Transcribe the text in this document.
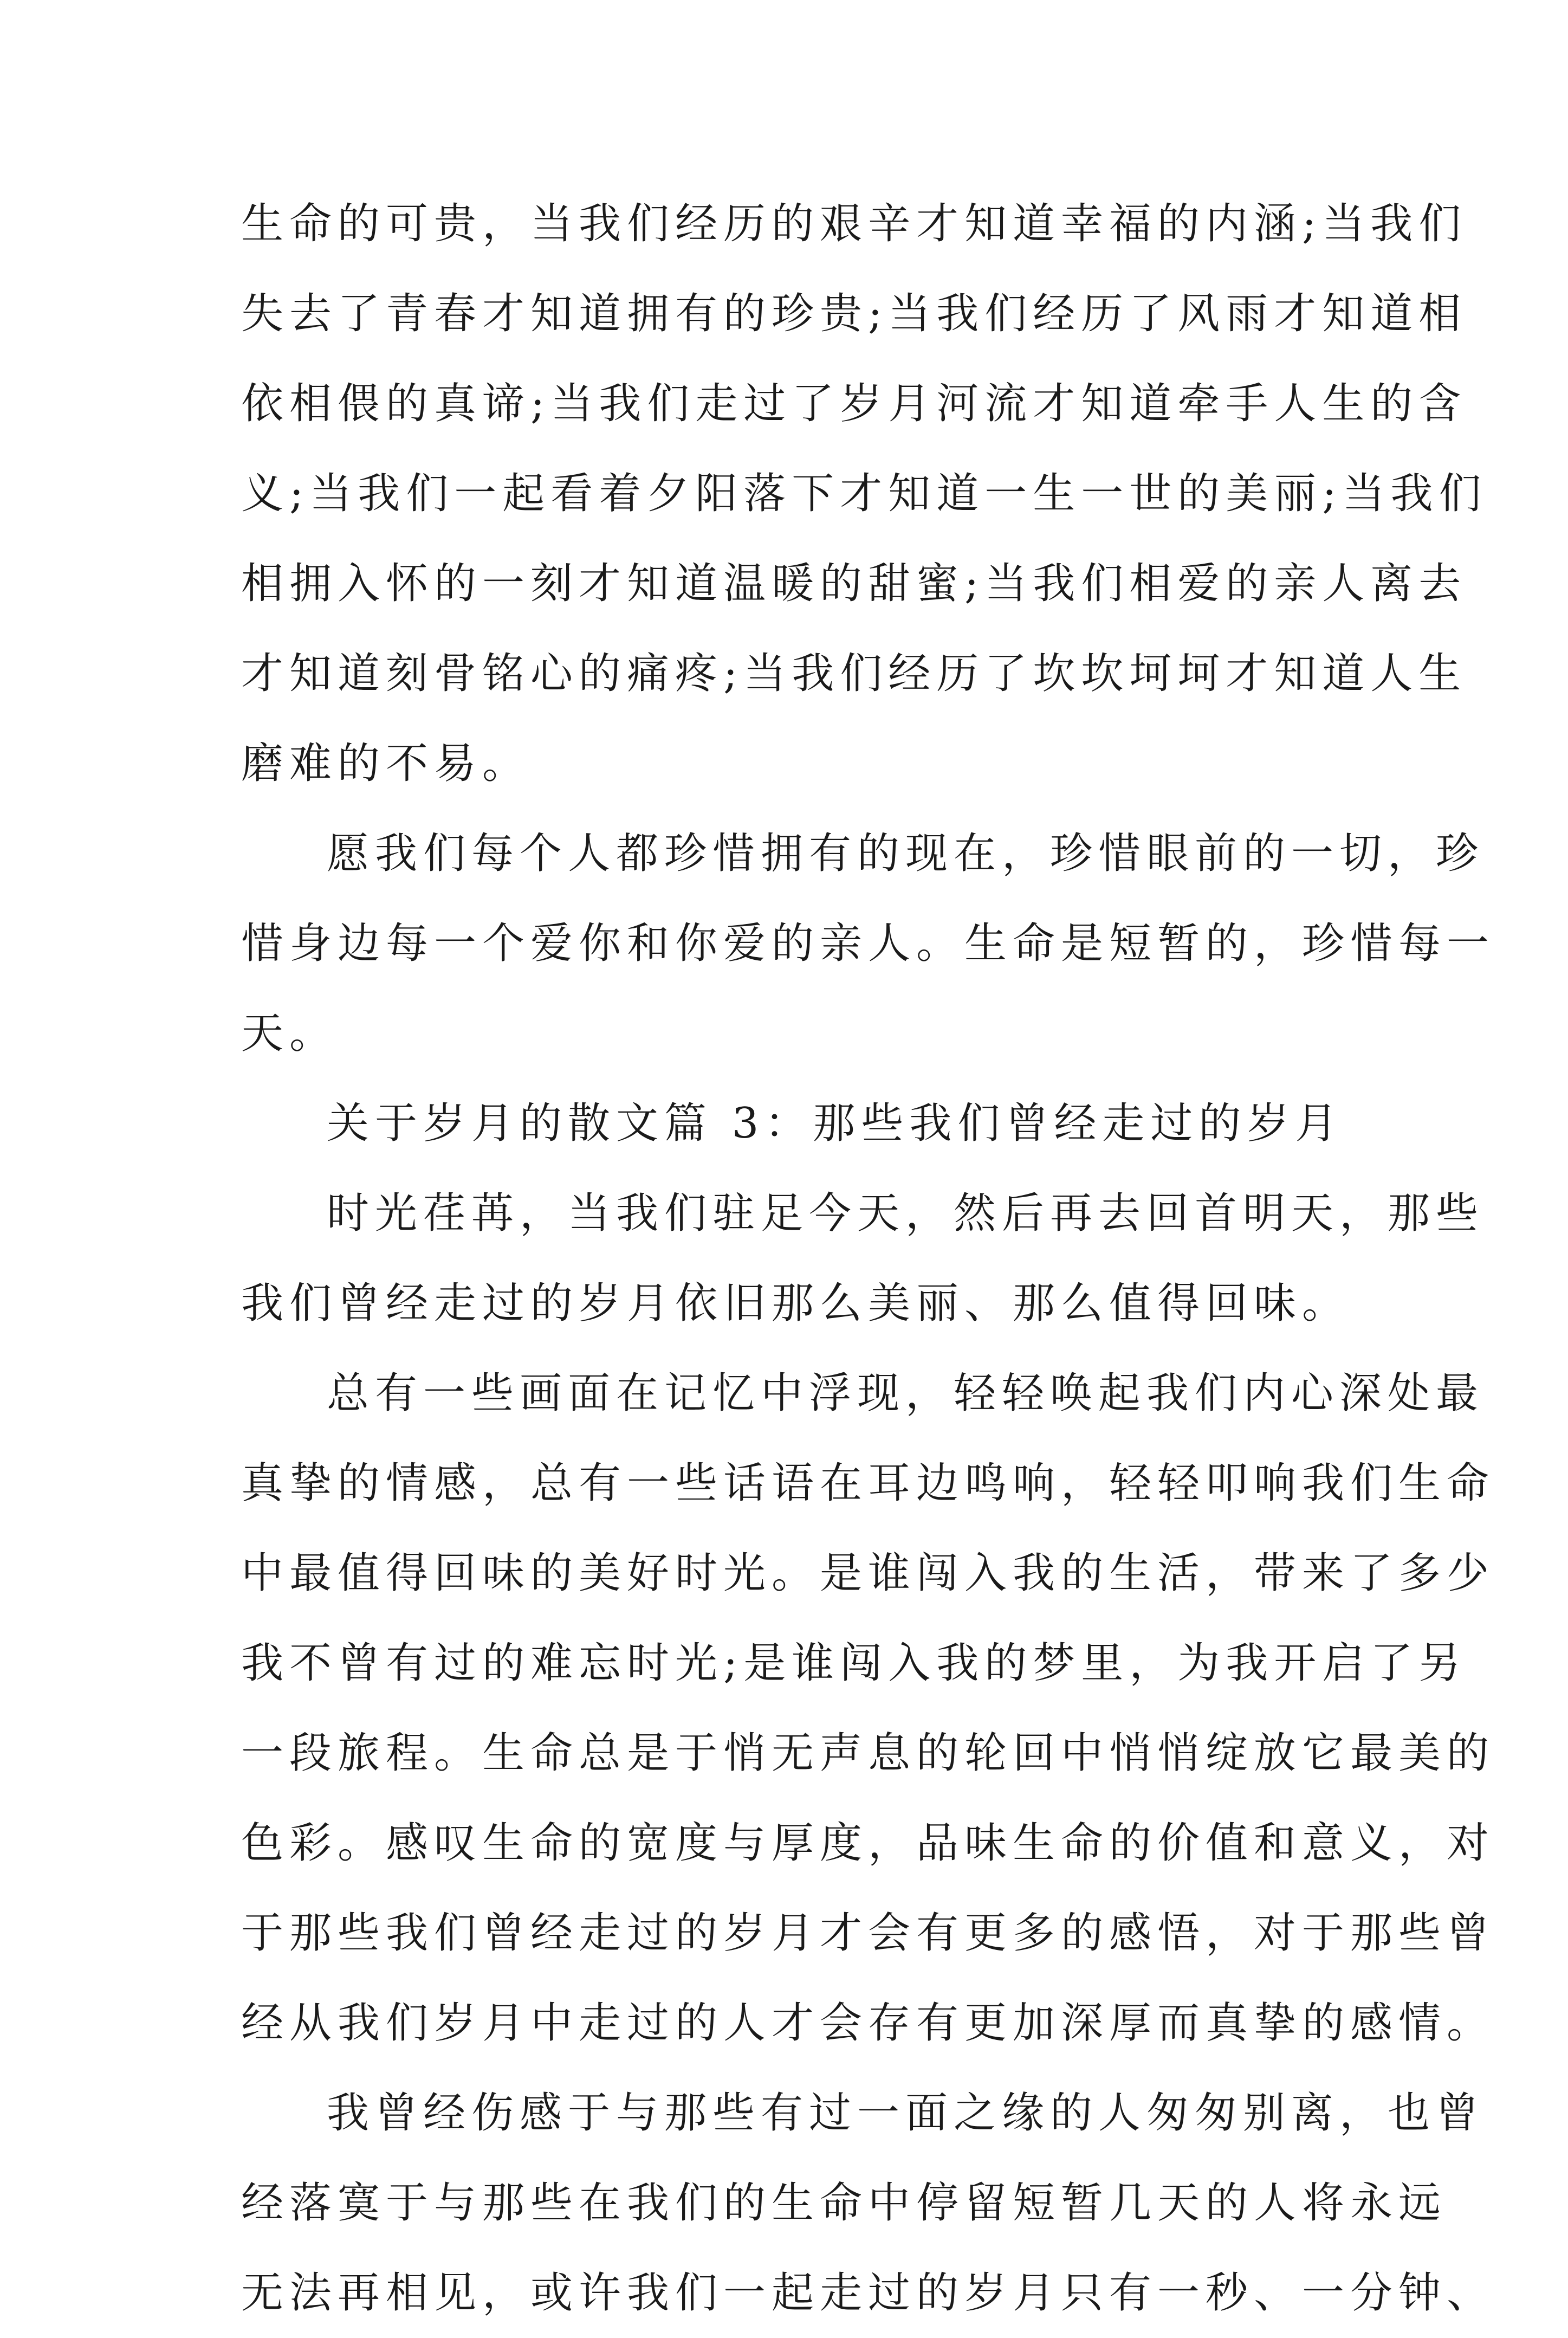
生命的可贵，当我们经历的艰辛才知道幸福的内涵;当我们
失去了青春才知道拥有的珍贵;当我们经历了风雨才知道相
依相偎的真谛;当我们走过了岁月河流才知道牵手人生的含
义;当我们一起看着夕阳落下才知道一生一世的美丽;当我们
相拥入怀的一刻才知道温暖的甜蜜;当我们相爱的亲人离去
才知道刻骨铭心的痛疼;当我们经历了坎坎坷坷才知道人生
磨难的不易。

愿我们每个人都珍惜拥有的现在，珍惜眼前的一切，珍
惜身边每一个爱你和你爱的亲人。生命是短暂的，珍惜每一
天。

关于岁月的散文篇 3：那些我们曾经走过的岁月

时光荏苒，当我们驻足今天，然后再去回首明天，那些
我们曾经走过的岁月依旧那么美丽、那么值得回味。

总有一些画面在记忆中浮现，轻轻唤起我们内心深处最
真挚的情感，总有一些话语在耳边鸣响，轻轻叩响我们生命
中最值得回味的美好时光。是谁闯入我的生活，带来了多少
我不曾有过的难忘时光;是谁闯入我的梦里，为我开启了另
一段旅程。生命总是于悄无声息的轮回中悄悄绽放它最美的
色彩。感叹生命的宽度与厚度，品味生命的价值和意义，对
于那些我们曾经走过的岁月才会有更多的感悟，对于那些曾
经从我们岁月中走过的人才会存有更加深厚而真挚的感情。

我曾经伤感于与那些有过一面之缘的人匆匆别离，也曾
经落寞于与那些在我们的生命中停留短暂几天的人将永远
无法再相见，或许我们一起走过的岁月只有一秒、一分钟、
